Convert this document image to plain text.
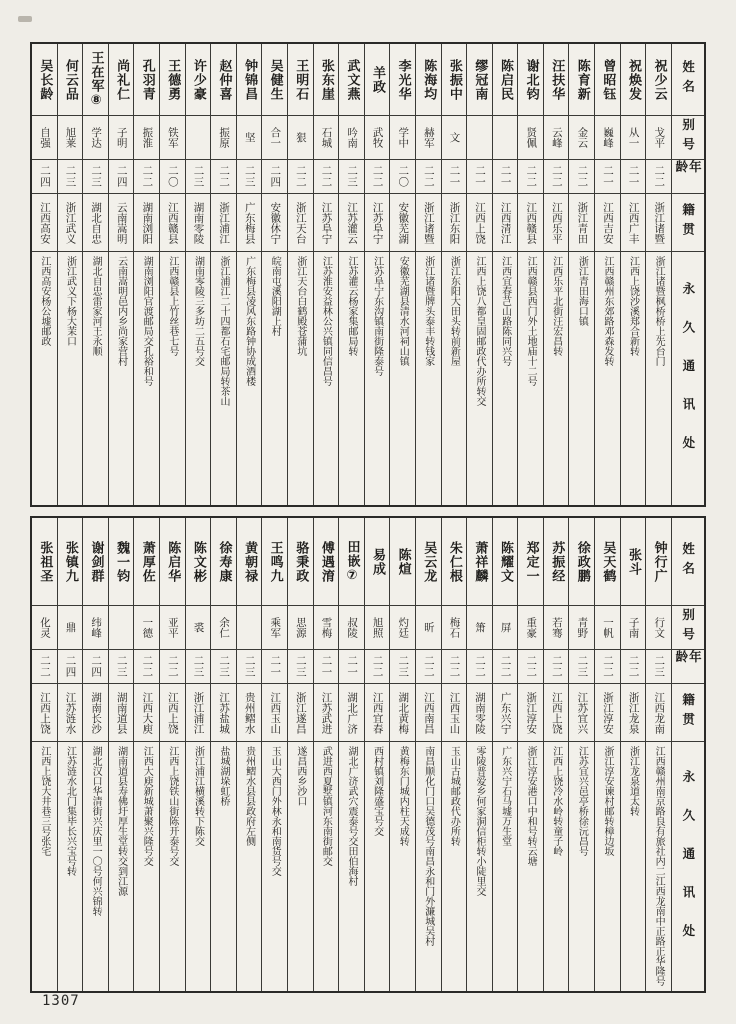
吴长龄
自强
二四
江西高安
江西高安杨公墟邮政
何云品
旭莱
二三
浙江武义
浙江武义下杨大茉口
王在军⑧
学达
二三
湖北自忠
湖北自忠雷家河王永顺
尚礼仁
子明
二四
云南嵩明
云南嵩明邑内乡尚家营村
孔羽青
振淮
二二
湖南浏阳
湖南浏阳官渡邮局交孔裕和号
王德勇
铁军
二〇
江西赣县
江西赣县上竹丝巷七号
许少豪
二三
湖南零陵
湖南零陵三多坊二五号交
赵仲喜
振原
二二
浙江浦江
浙江浦江二十四都石宅邮局转茶山
钟锦昌
坚
二三
广东梅县
广东梅县凌风东路钟协成酒楼
吴健生
合一
二四
安徽休宁
皖南屯溪阳湖上村
王明石
狠
二二
浙江天台
浙江天台白鹤殿苍蒲坑
张东崖
石城
二二
江苏阜宁
江苏淮安益林公兴镇同信昌号
武文燕
吟南
二三
江苏灌云
江苏灌云杨家集邮局转
羊政
武牧
二二
江苏阜宁
江苏阜宁东沟镇南街隆泰号
李光华
学中
二〇
安徽芜湖
安徽芜湖县清水河祠山镇
陈海均
赫军
二二
浙江诸暨
浙江诸暨牌头泰丰转钱家
张振中
文
二一
浙江东阳
浙江东阳大田头转前新屋
缪冠南
二一
江西上饶
江西上饶八都皇固邮政代办所转交
陈启民
二一
江西清江
江西宜春芑山路陈同兴号
谢北钧
贤佩
二二
江西赣县
江西赣县西门外土地庙十二号
汪扶华
云峰
二二
江西乐平
江西乐平北街汪宏昌转
陈育新
金云
二二
浙江青田
浙江青田海口镇
曾昭钰
巍峰
二一
江西吉安
江西赣州东郊路邓森发转
祝焕发
从一
二一
江西广丰
江西上饶沙溪郑合新转
祝少云
戈平
二二
浙江诸暨
浙江诸暨枫桥桥上先台门
姓名
别号
年龄
籍贯
永久通讯处
张祖圣
化灵
二二
江西上饶
江西上饶大井巷三号张宅
张镇九
鼎
二四
江苏涟水
江苏涟水北门集毕长兴宝号转
谢剑群
纬峰
二四
湖南长沙
湖北汉口华清街兴庆里一〇号何兴锦转
魏一钧
二三
湖南道县
湖南道县寿佛圩厚生堂转交到江源
萧厚佐
一德
二二
江西大庾
江西大庾新城萧聚兴隆号交
陈启华
亚平
二二
江西上饶
江西上饶铁山街陈开泰号交
陈文彬
裘
二三
浙江浦江
浙江浦江横溪转下陈交
徐寿康
余仁
二三
江苏盐城
盐城湖垛虹桥
黄朝禄
二三
贵州鳛水
贵州鳛水县县政府左侧
王鸣九
乘军
二一
江西玉山
玉山大西门外林永和南货号交
骆秉政
思源
二三
浙江遂昌
遂昌西乡沙口
傅遇淯
雪梅
二一
江苏武进
武进西夏墅镇河东南街邮交
田嵌⑦
叔陵
二一
湖北广济
湖北广济武穴震泰号交田伯海村
易成
旭照
二二
江西宜春
西村镇刘隆盛宝号交
陈煊
灼廷
二三
湖北黄梅
黄梅东门城内柱天成转
吴云龙
昕
二二
江西南昌
南昌顺化门口吴德茂号南昌永和门外濂城吴村
朱仁根
梅石
二二
江西玉山
玉山古城邮政代办所转
萧祥麟
箫
二二
湖南零陵
零陵普爱乡何家洞信柜转小陡里交
陈耀文
屏
二二
广东兴宁
广东兴宁石马墟万生堂
郑定一
重豪
二二
浙江淳安
浙江淳安港口中和号转云塘
苏振经
若骞
二二
江西上饶
江西上饶冷水岭转童子岭
徐政鹏
青野
二三
江苏宜兴
江苏宜兴邑亭桥徐沅昌号
吴天鹤
一帆
二二
浙江淳安
浙江淳安谏村邮转樟边坂
张斗
子南
二二
浙江龙泉
浙江龙泉道太转
钟行广
行文
二三
江西龙南
江西赣州南京路良有旅社内二江西龙南中正路正华隆号
姓名
别号
年龄
籍贯
永久通讯处
1307
